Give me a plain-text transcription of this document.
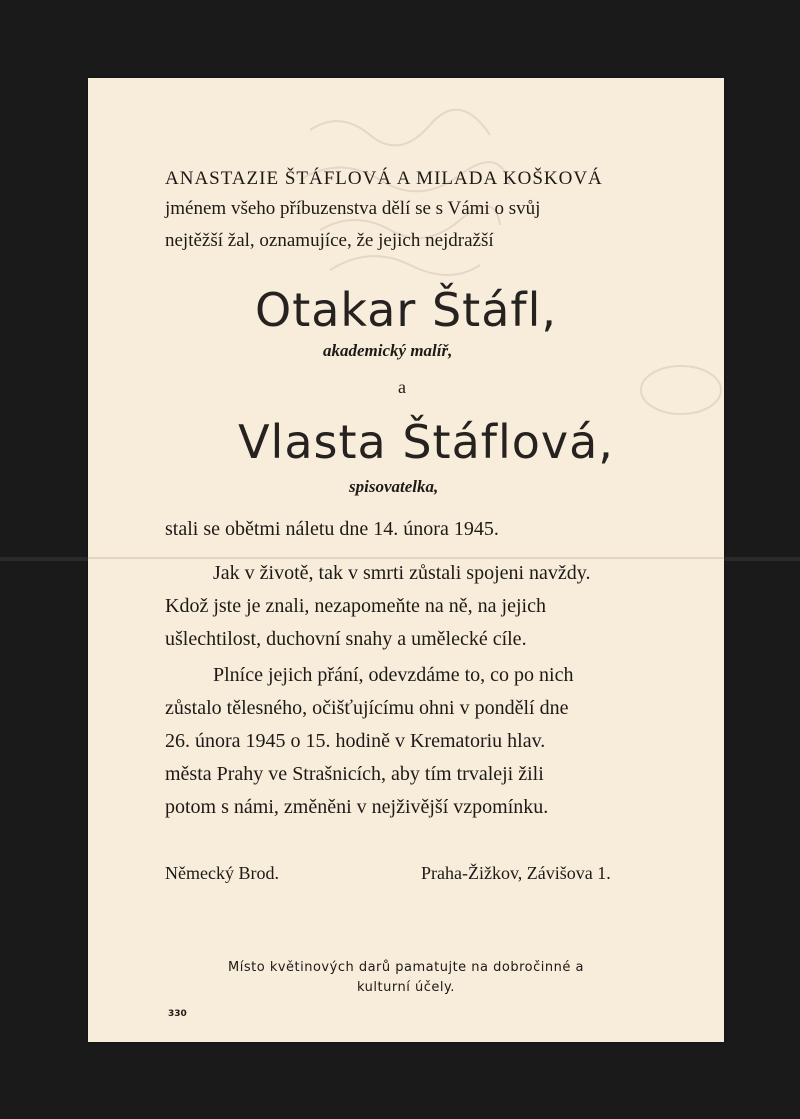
ANASTAZIE ŠTÁFLOVÁ A MILADA KOŠKOVÁ
jménem všeho příbuzenstva dělí se s Vámi o svůj
nejtěžší žal, oznamujíce, že jejich nejdražší
Otakar Štáfl,
akademický malíř,
a
Vlasta Štáflová,
spisovatelka,
stali se obětmi náletu dne 14. února 1945.
Jak v životě, tak v smrti zůstali spojeni navždy.
Kdož jste je znali, nezapomeňte na ně, na jejich
ušlechtilost, duchovní snahy a umělecké cíle.
Plníce jejich přání, odevzdáme to, co po nich
zůstalo tělesného, očišťujícímu ohni v pondělí dne
26. února 1945 o 15. hodině v Krematoriu hlav.
města Prahy ve Strašnicích, aby tím trvaleji žili
potom s námi, změněni v nejživější vzpomínku.
Německý Brod.	Praha-Žižkov, Závišova 1.
Místo květinových darů pamatujte na dobročinné a
kulturní účely.
330
